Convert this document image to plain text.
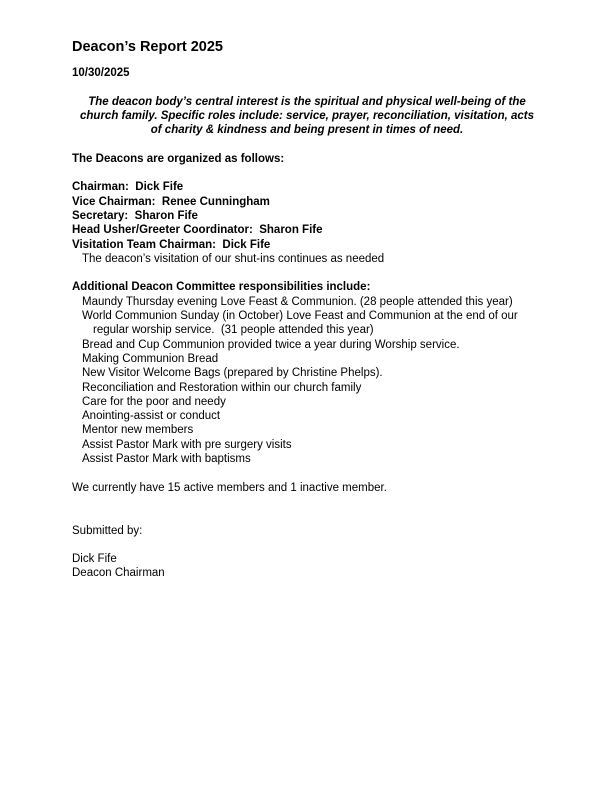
Deacon’s Report 2025
10/30/2025
The deacon body’s central interest is the spiritual and physical well-being of the
church family. Specific roles include: service, prayer, reconciliation, visitation, acts
of charity & kindness and being present in times of need.
The Deacons are organized as follows:
Chairman:  Dick Fife
Vice Chairman:  Renee Cunningham
Secretary:  Sharon Fife
Head Usher/Greeter Coordinator:  Sharon Fife
Visitation Team Chairman:  Dick Fife
The deacon’s visitation of our shut-ins continues as needed
Additional Deacon Committee responsibilities include:
Maundy Thursday evening Love Feast & Communion. (28 people attended this year)
World Communion Sunday (in October) Love Feast and Communion at the end of our
regular worship service.  (31 people attended this year)
Bread and Cup Communion provided twice a year during Worship service.
Making Communion Bread
New Visitor Welcome Bags (prepared by Christine Phelps).
Reconciliation and Restoration within our church family
Care for the poor and needy
Anointing-assist or conduct
Mentor new members
Assist Pastor Mark with pre surgery visits
Assist Pastor Mark with baptisms
We currently have 15 active members and 1 inactive member.
Submitted by:
Dick Fife
Deacon Chairman
